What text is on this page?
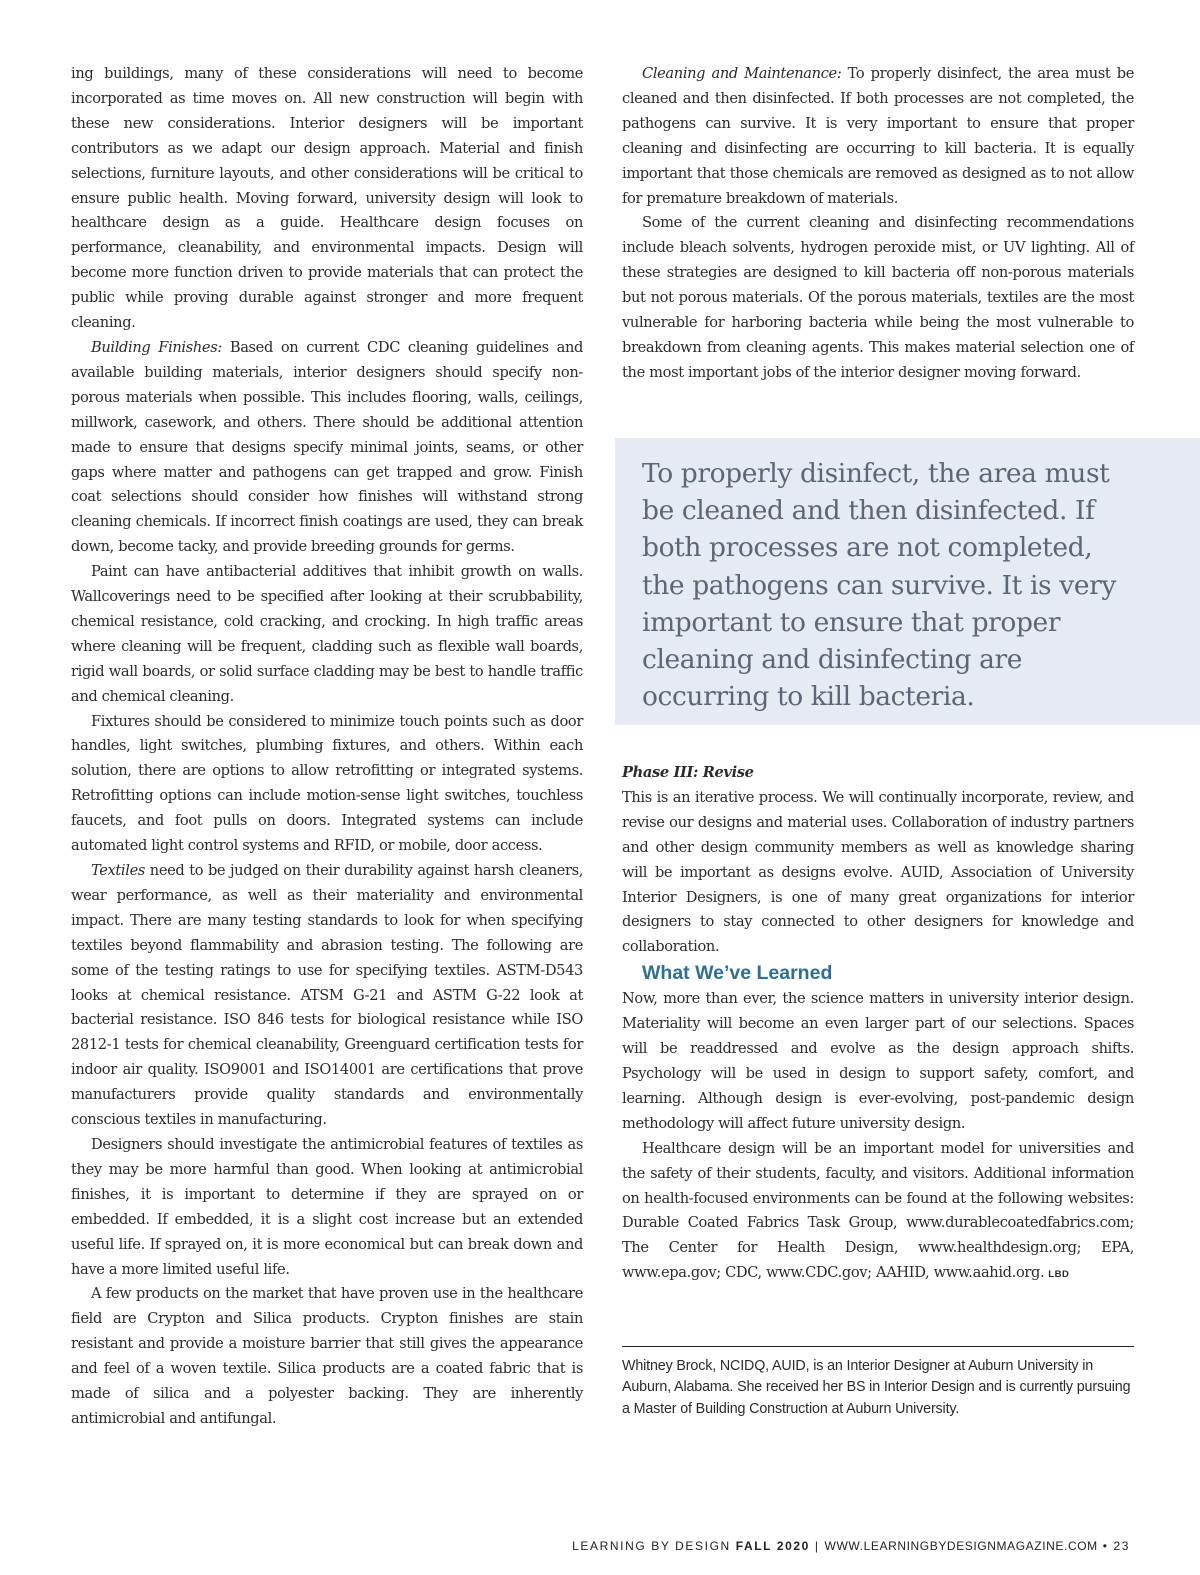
ing buildings, many of these considerations will need to become incorporated as time moves on. All new construction will begin with these new considerations. Interior designers will be important contributors as we adapt our design approach. Material and finish selections, furniture layouts, and other considerations will be critical to ensure public health. Moving forward, university design will look to healthcare design as a guide. Healthcare design focuses on performance, cleanability, and environmental impacts. Design will become more function driven to provide materials that can protect the public while proving durable against stronger and more frequent cleaning.

Building Finishes: Based on current CDC cleaning guidelines and available building materials, interior designers should specify non-porous materials when possible. This includes flooring, walls, ceilings, millwork, casework, and others. There should be additional attention made to ensure that designs specify minimal joints, seams, or other gaps where matter and pathogens can get trapped and grow. Finish coat selections should consider how finishes will withstand strong cleaning chemicals. If incorrect finish coatings are used, they can break down, become tacky, and provide breeding grounds for germs.

Paint can have antibacterial additives that inhibit growth on walls. Wallcoverings need to be specified after looking at their scrubbability, chemical resistance, cold cracking, and crocking. In high traffic areas where cleaning will be frequent, cladding such as flexible wall boards, rigid wall boards, or solid surface cladding may be best to handle traffic and chemical cleaning.

Fixtures should be considered to minimize touch points such as door handles, light switches, plumbing fixtures, and others. Within each solution, there are options to allow retrofitting or integrated systems. Retrofitting options can include motion-sense light switches, touchless faucets, and foot pulls on doors. Integrated systems can include automated light control systems and RFID, or mobile, door access.

Textiles need to be judged on their durability against harsh cleaners, wear performance, as well as their materiality and environmental impact. There are many testing standards to look for when specifying textiles beyond flammability and abrasion testing. The following are some of the testing ratings to use for specifying textiles. ASTM-D543 looks at chemical resistance. ATSM G-21 and ASTM G-22 look at bacterial resistance. ISO 846 tests for biological resistance while ISO 2812-1 tests for chemical cleanability, Greenguard certification tests for indoor air quality. ISO9001 and ISO14001 are certifications that prove manufacturers provide quality standards and environmentally conscious textiles in manufacturing.

Designers should investigate the antimicrobial features of textiles as they may be more harmful than good. When looking at antimicrobial finishes, it is important to determine if they are sprayed on or embedded. If embedded, it is a slight cost increase but an extended useful life. If sprayed on, it is more economical but can break down and have a more limited useful life.

A few products on the market that have proven use in the healthcare field are Crypton and Silica products. Crypton finishes are stain resistant and provide a moisture barrier that still gives the appearance and feel of a woven textile. Silica products are a coated fabric that is made of silica and a polyester backing. They are inherently antimicrobial and antifungal.

Cleaning and Maintenance: To properly disinfect, the area must be cleaned and then disinfected. If both processes are not completed, the pathogens can survive. It is very important to ensure that proper cleaning and disinfecting are occurring to kill bacteria. It is equally important that those chemicals are removed as designed as to not allow for premature breakdown of materials.

Some of the current cleaning and disinfecting recommendations include bleach solvents, hydrogen peroxide mist, or UV lighting. All of these strategies are designed to kill bacteria off non-porous materials but not porous materials. Of the porous materials, textiles are the most vulnerable for harboring bacteria while being the most vulnerable to breakdown from cleaning agents. This makes material selection one of the most important jobs of the interior designer moving forward.

To properly disinfect, the area must be cleaned and then disinfected. If both processes are not completed, the pathogens can survive. It is very important to ensure that proper cleaning and disinfecting are occurring to kill bacteria.

Phase III: Revise

This is an iterative process. We will continually incorporate, review, and revise our designs and material uses. Collaboration of industry partners and other design community members as well as knowledge sharing will be important as designs evolve. AUID, Association of University Interior Designers, is one of many great organizations for interior designers to stay connected to other designers for knowledge and collaboration.

What We’ve Learned

Now, more than ever, the science matters in university interior design. Materiality will become an even larger part of our selections. Spaces will be readdressed and evolve as the design approach shifts. Psychology will be used in design to support safety, comfort, and learning. Although design is ever-evolving, post-pandemic design methodology will affect future university design.

Healthcare design will be an important model for universities and the safety of their students, faculty, and visitors. Additional information on health-focused environments can be found at the following websites: Durable Coated Fabrics Task Group, www.durablecoatedfabrics.com; The Center for Health Design, www.healthdesign.org; EPA, www.epa.gov; CDC, www.CDC.gov; AAHID, www.aahid.org. LBD

Whitney Brock, NCIDQ, AUID, is an Interior Designer at Auburn University in Auburn, Alabama. She received her BS in Interior Design and is currently pursuing a Master of Building Construction at Auburn University.
LEARNING BY DESIGN FALL 2020 | WWW.LEARNINGBYDESIGNMAGAZINE.COM • 23
